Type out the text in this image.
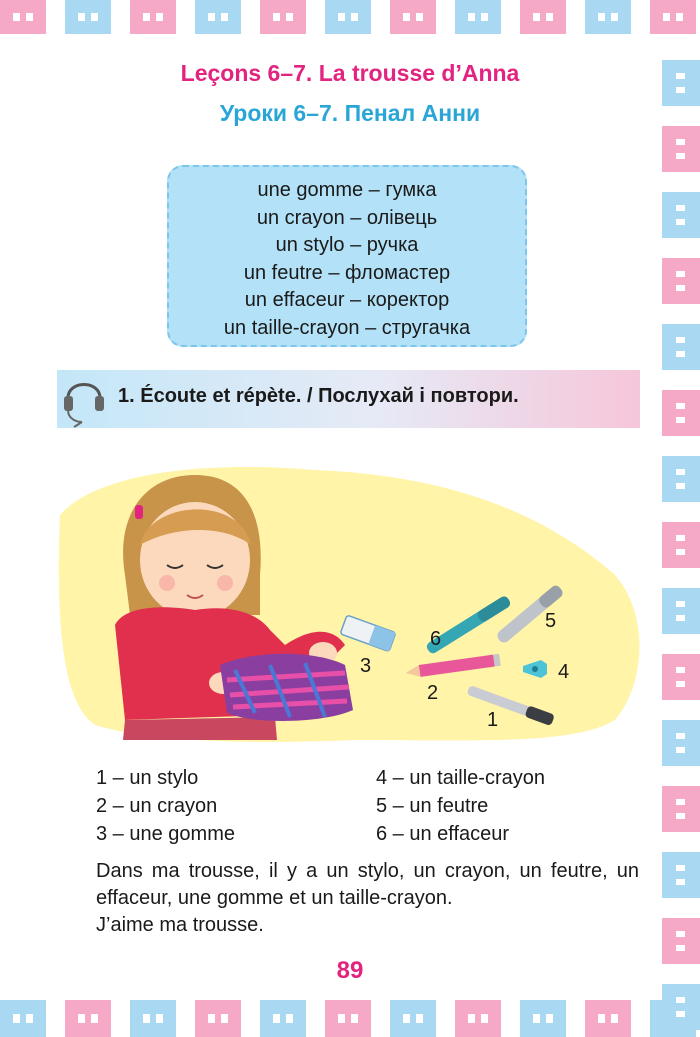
Leçons 6–7. La trousse d’Anna
Уроки 6–7. Пенал Анни
une gomme – гумка
un crayon – олівець
un stylo – ручка
un feutre – фломастер
un effaceur – коректор
un taille-crayon – стругачка
1. Écoute et répète. / Послухай і повтори.
6
5
3	4
2
1
1 – un stylo
2 – un crayon
3 – une gomme
4 – un taille-crayon
5 – un feutre
6 – un effaceur

Dans ma trousse, il y a un stylo, un crayon, un feutre, un effaceur, une gomme et un taille-crayon.

J’aime ma trousse.

89
